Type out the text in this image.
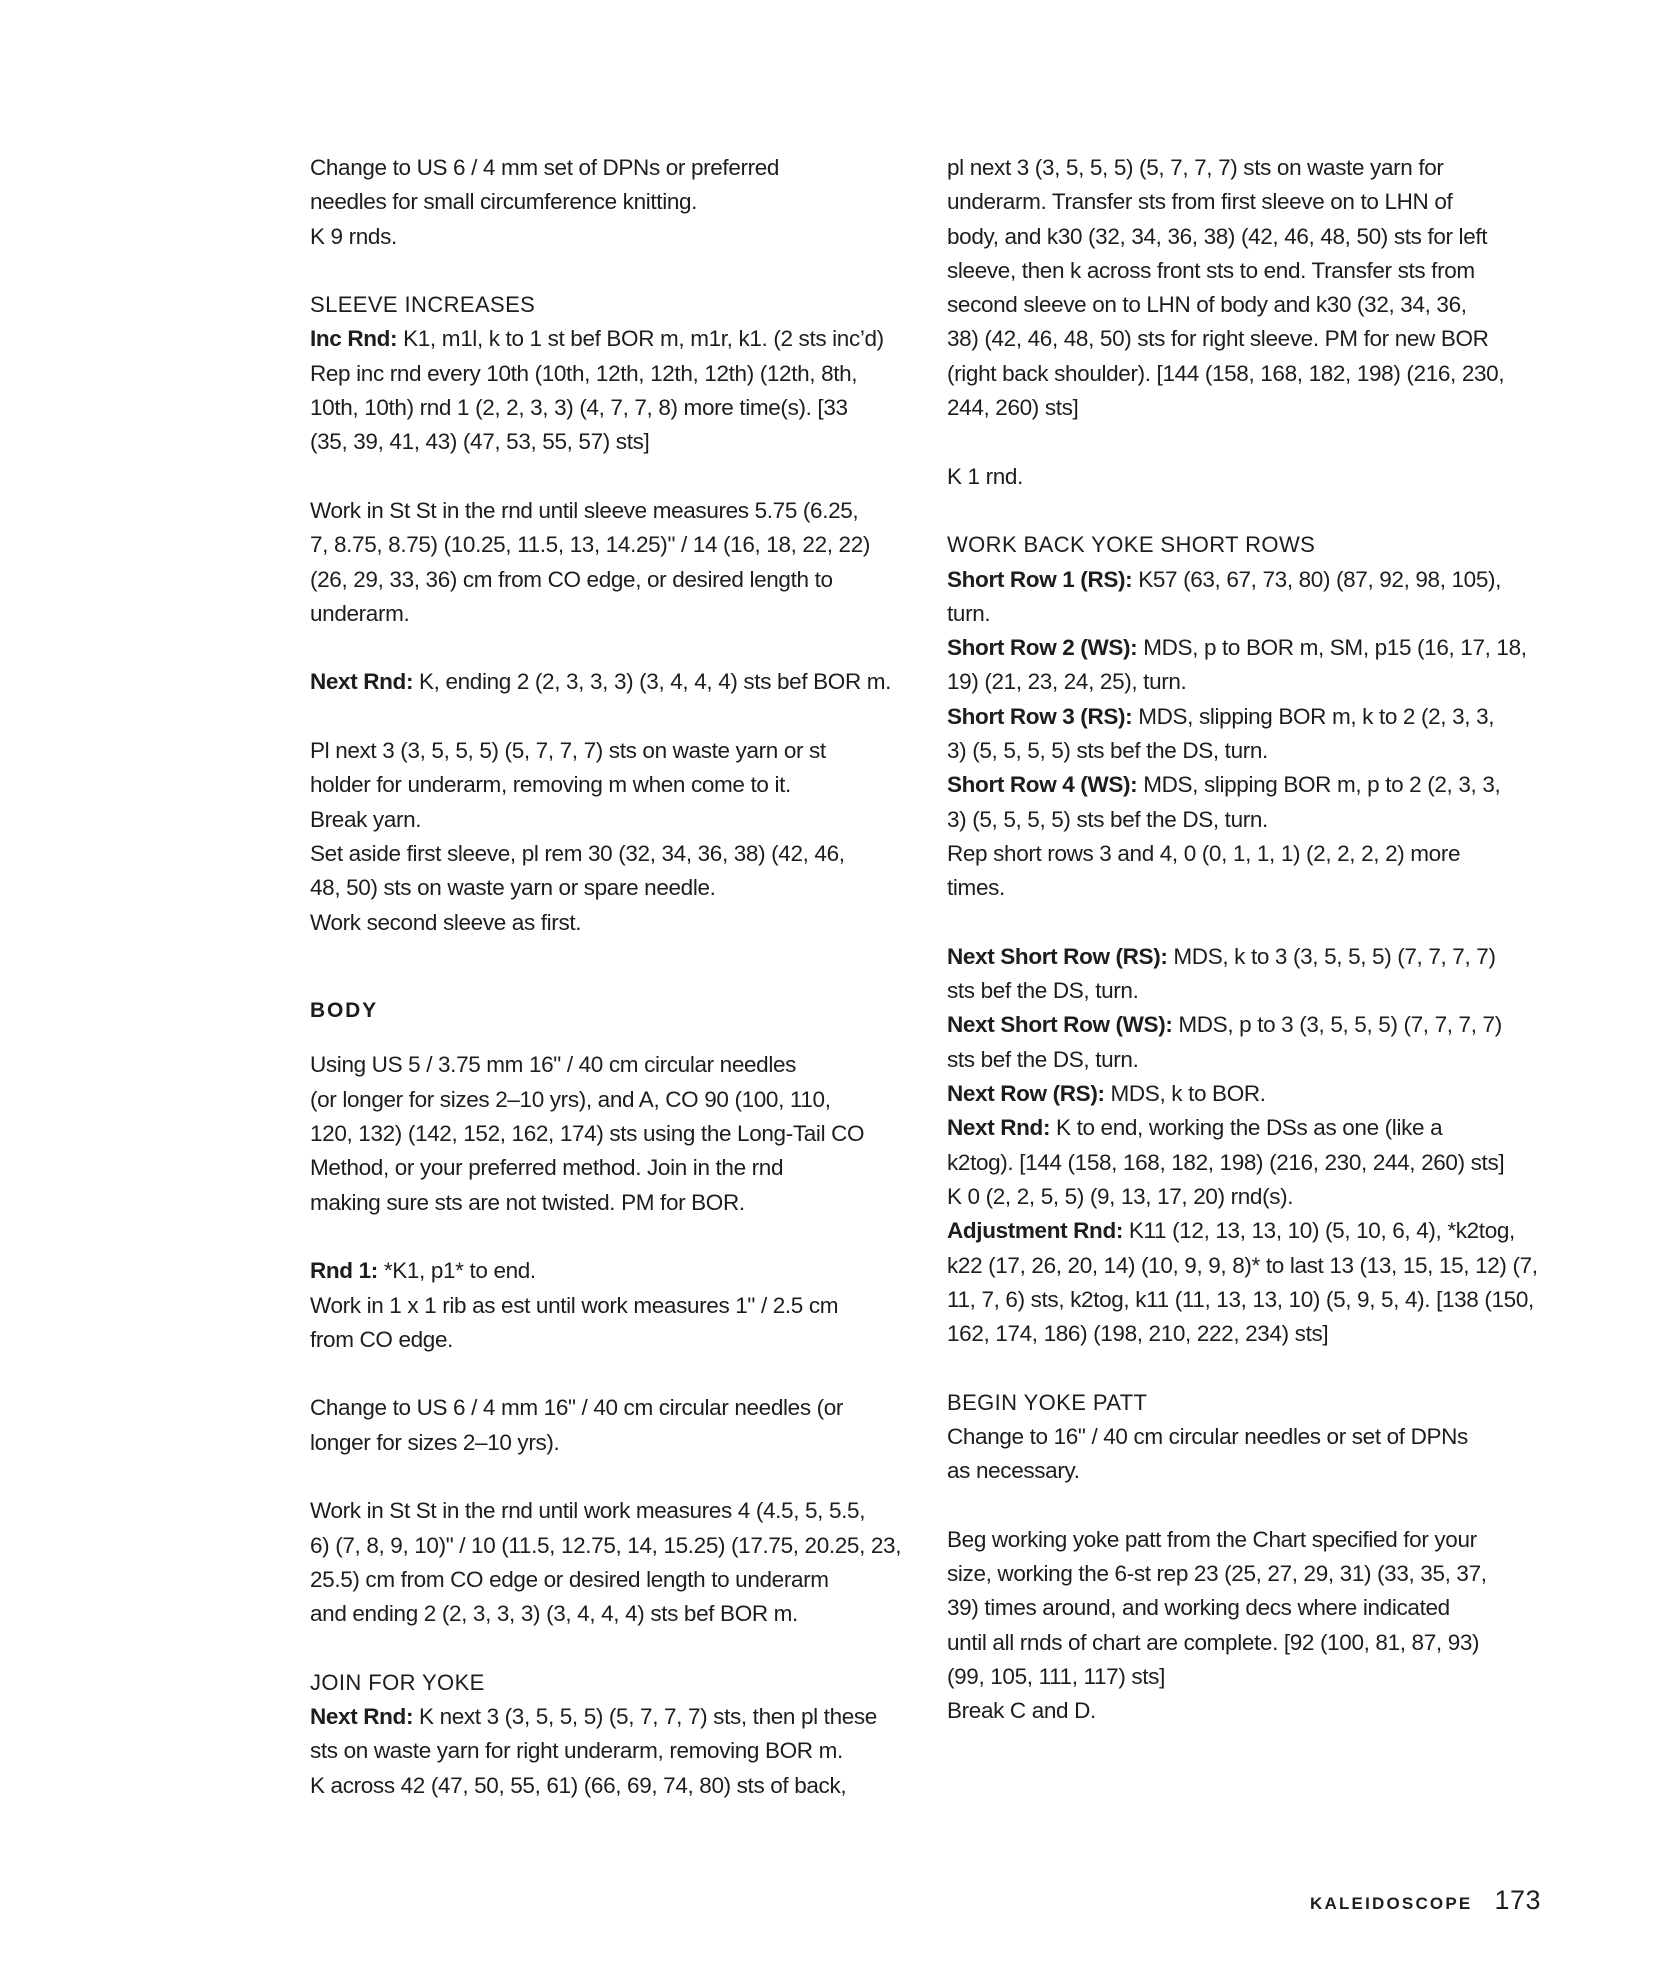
Change to US 6 / 4 mm set of DPNs or preferred

needles for small circumference knitting.

K 9 rnds.

SLEEVE INCREASES

Inc Rnd: K1, m1l, k to 1 st bef BOR m, m1r, k1. (2 sts inc’d)

Rep inc rnd every 10th (10th, 12th, 12th, 12th) (12th, 8th,

10th, 10th) rnd 1 (2, 2, 3, 3) (4, 7, 7, 8) more time(s). [33

(35, 39, 41, 43) (47, 53, 55, 57) sts]

Work in St St in the rnd until sleeve measures 5.75 (6.25,

7, 8.75, 8.75) (10.25, 11.5, 13, 14.25)" / 14 (16, 18, 22, 22)

(26, 29, 33, 36) cm from CO edge, or desired length to

underarm.

Next Rnd: K, ending 2 (2, 3, 3, 3) (3, 4, 4, 4) sts bef BOR m.

Pl next 3 (3, 5, 5, 5) (5, 7, 7, 7) sts on waste yarn or st

holder for underarm, removing m when come to it.

Break yarn.

Set aside first sleeve, pl rem 30 (32, 34, 36, 38) (42, 46,

48, 50) sts on waste yarn or spare needle.

Work second sleeve as first.

BODY

Using US 5 / 3.75 mm 16" / 40 cm circular needles

(or longer for sizes 2–10 yrs), and A, CO 90 (100, 110,

120, 132) (142, 152, 162, 174) sts using the Long-Tail CO

Method, or your preferred method. Join in the rnd

making sure sts are not twisted. PM for BOR.

Rnd 1: *K1, p1* to end.

Work in 1 x 1 rib as est until work measures 1" / 2.5 cm

from CO edge.

Change to US 6 / 4 mm 16" / 40 cm circular needles (or

longer for sizes 2–10 yrs).

Work in St St in the rnd until work measures 4 (4.5, 5, 5.5,

6) (7, 8, 9, 10)" / 10 (11.5, 12.75, 14, 15.25) (17.75, 20.25, 23,

25.5) cm from CO edge or desired length to underarm

and ending 2 (2, 3, 3, 3) (3, 4, 4, 4) sts bef BOR m.

JOIN FOR YOKE

Next Rnd: K next 3 (3, 5, 5, 5) (5, 7, 7, 7) sts, then pl these

sts on waste yarn for right underarm, removing BOR m.

K across 42 (47, 50, 55, 61) (66, 69, 74, 80) sts of back,

pl next 3 (3, 5, 5, 5) (5, 7, 7, 7) sts on waste yarn for

underarm. Transfer sts from first sleeve on to LHN of

body, and k30 (32, 34, 36, 38) (42, 46, 48, 50) sts for left

sleeve, then k across front sts to end. Transfer sts from

second sleeve on to LHN of body and k30 (32, 34, 36,

38) (42, 46, 48, 50) sts for right sleeve. PM for new BOR

(right back shoulder). [144 (158, 168, 182, 198) (216, 230,

244, 260) sts]

K 1 rnd.

WORK BACK YOKE SHORT ROWS

Short Row 1 (RS): K57 (63, 67, 73, 80) (87, 92, 98, 105),

turn.

Short Row 2 (WS): MDS, p to BOR m, SM, p15 (16, 17, 18,

19) (21, 23, 24, 25), turn.

Short Row 3 (RS): MDS, slipping BOR m, k to 2 (2, 3, 3,

3) (5, 5, 5, 5) sts bef the DS, turn.

Short Row 4 (WS): MDS, slipping BOR m, p to 2 (2, 3, 3,

3) (5, 5, 5, 5) sts bef the DS, turn.

Rep short rows 3 and 4, 0 (0, 1, 1, 1) (2, 2, 2, 2) more

times.

Next Short Row (RS): MDS, k to 3 (3, 5, 5, 5) (7, 7, 7, 7)

sts bef the DS, turn.

Next Short Row (WS): MDS, p to 3 (3, 5, 5, 5) (7, 7, 7, 7)

sts bef the DS, turn.

Next Row (RS): MDS, k to BOR.

Next Rnd: K to end, working the DSs as one (like a

k2tog). [144 (158, 168, 182, 198) (216, 230, 244, 260) sts]

K 0 (2, 2, 5, 5) (9, 13, 17, 20) rnd(s).

Adjustment Rnd: K11 (12, 13, 13, 10) (5, 10, 6, 4), *k2tog,

k22 (17, 26, 20, 14) (10, 9, 9, 8)* to last 13 (13, 15, 15, 12) (7,

11, 7, 6) sts, k2tog, k11 (11, 13, 13, 10) (5, 9, 5, 4). [138 (150,

162, 174, 186) (198, 210, 222, 234) sts]

BEGIN YOKE PATT

Change to 16" / 40 cm circular needles or set of DPNs

as necessary.

Beg working yoke patt from the Chart specified for your

size, working the 6-st rep 23 (25, 27, 29, 31) (33, 35, 37,

39) times around, and working decs where indicated

until all rnds of chart are complete. [92 (100, 81, 87, 93)

(99, 105, 111, 117) sts]

Break C and D.

KALEIDOSCOPE 173
